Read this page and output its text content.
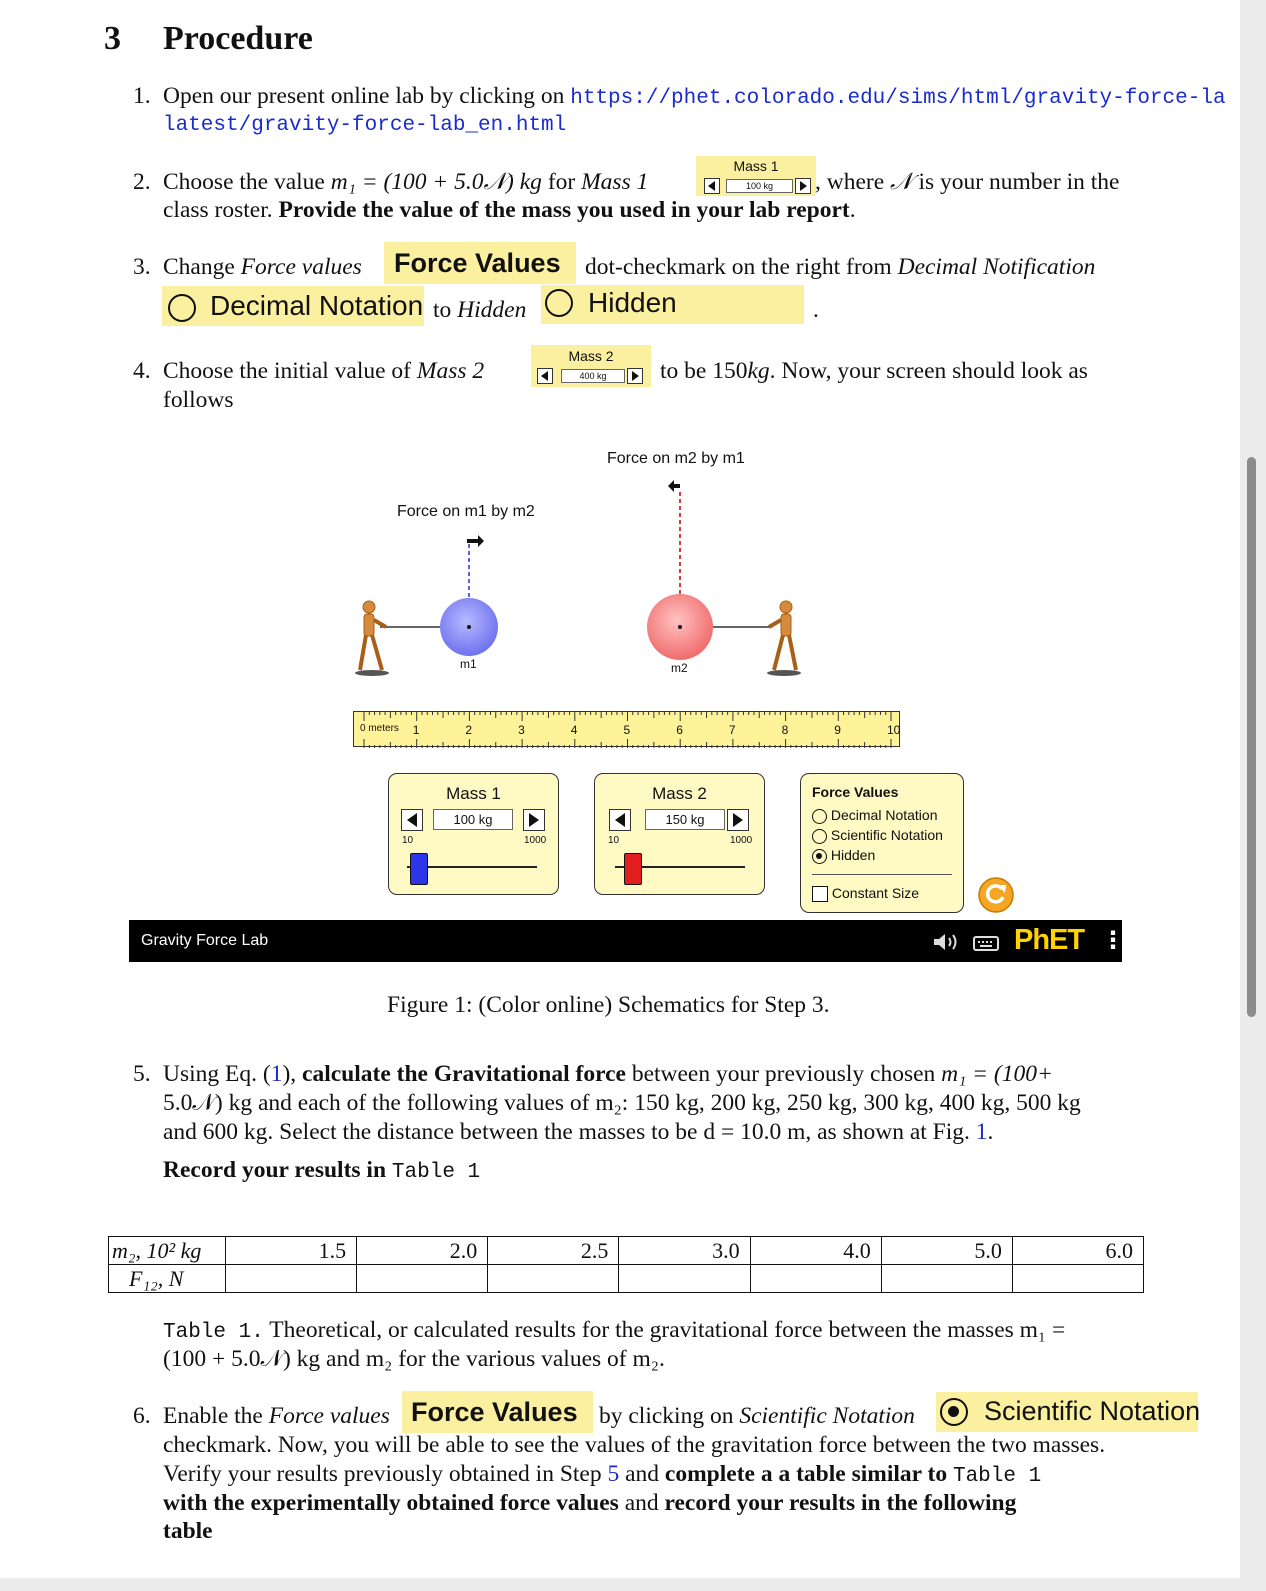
3 Procedure
1. Open our present online lab by clicking on https://phet.colorado.edu/sims/html/gravity-force-la
latest/gravity-force-lab_en.html
2. Choose the value m₁ = (100 + 5.0𝒩) kg for Mass 1
Mass 1
100 kg	, where 𝒩 is your number in the
class roster. Provide the value of the mass you used in your lab report.
3. Change Force values	Force Values	dot-checkmark on the right from Decimal Notification
Decimal Notation to Hidden Hidden	.
4. Choose the initial value of Mass 2
Mass 2
400 kg	to be 150kg. Now, your screen should look as
follows
Force on m2 by m1
Force on m1 by m2
m1	m2
0 meters 1	2	3	4	5	6	7	8	9	10
Mass 1
100 kg
10	1000
Mass 2
150 kg
10	1000
Force Values
Decimal Notation
Scientific Notation
Hidden
Constant Size
Gravity Force Lab	PhET ⋮
Figure 1: (Color online) Schematics for Step 3.
5. Using Eq. (1), calculate the Gravitational force between your previously chosen m₁ = (100+
5.0𝒩) kg and each of the following values of m₂: 150 kg, 200 kg, 250 kg, 300 kg, 400 kg, 500 kg
and 600 kg. Select the distance between the masses to be d = 10.0 m, as shown at Fig. 1.
Record your results in Table 1
m₂, 10² kg	1.5	2.0	2.5	3.0	4.0	5.0	6.0
F₁₂, N							
Table 1. Theoretical, or calculated results for the gravitational force between the masses m₁ =
(100 + 5.0𝒩) kg and m₂ for the various values of m₂.
6. Enable the Force values Force Values by clicking on Scientific Notation	Scientific Notation
checkmark. Now, you will be able to see the values of the gravitation force between the two masses.
Verify your results previously obtained in Step 5 and complete a a table similar to Table 1
with the experimentally obtained force values and record your results in the following
table
